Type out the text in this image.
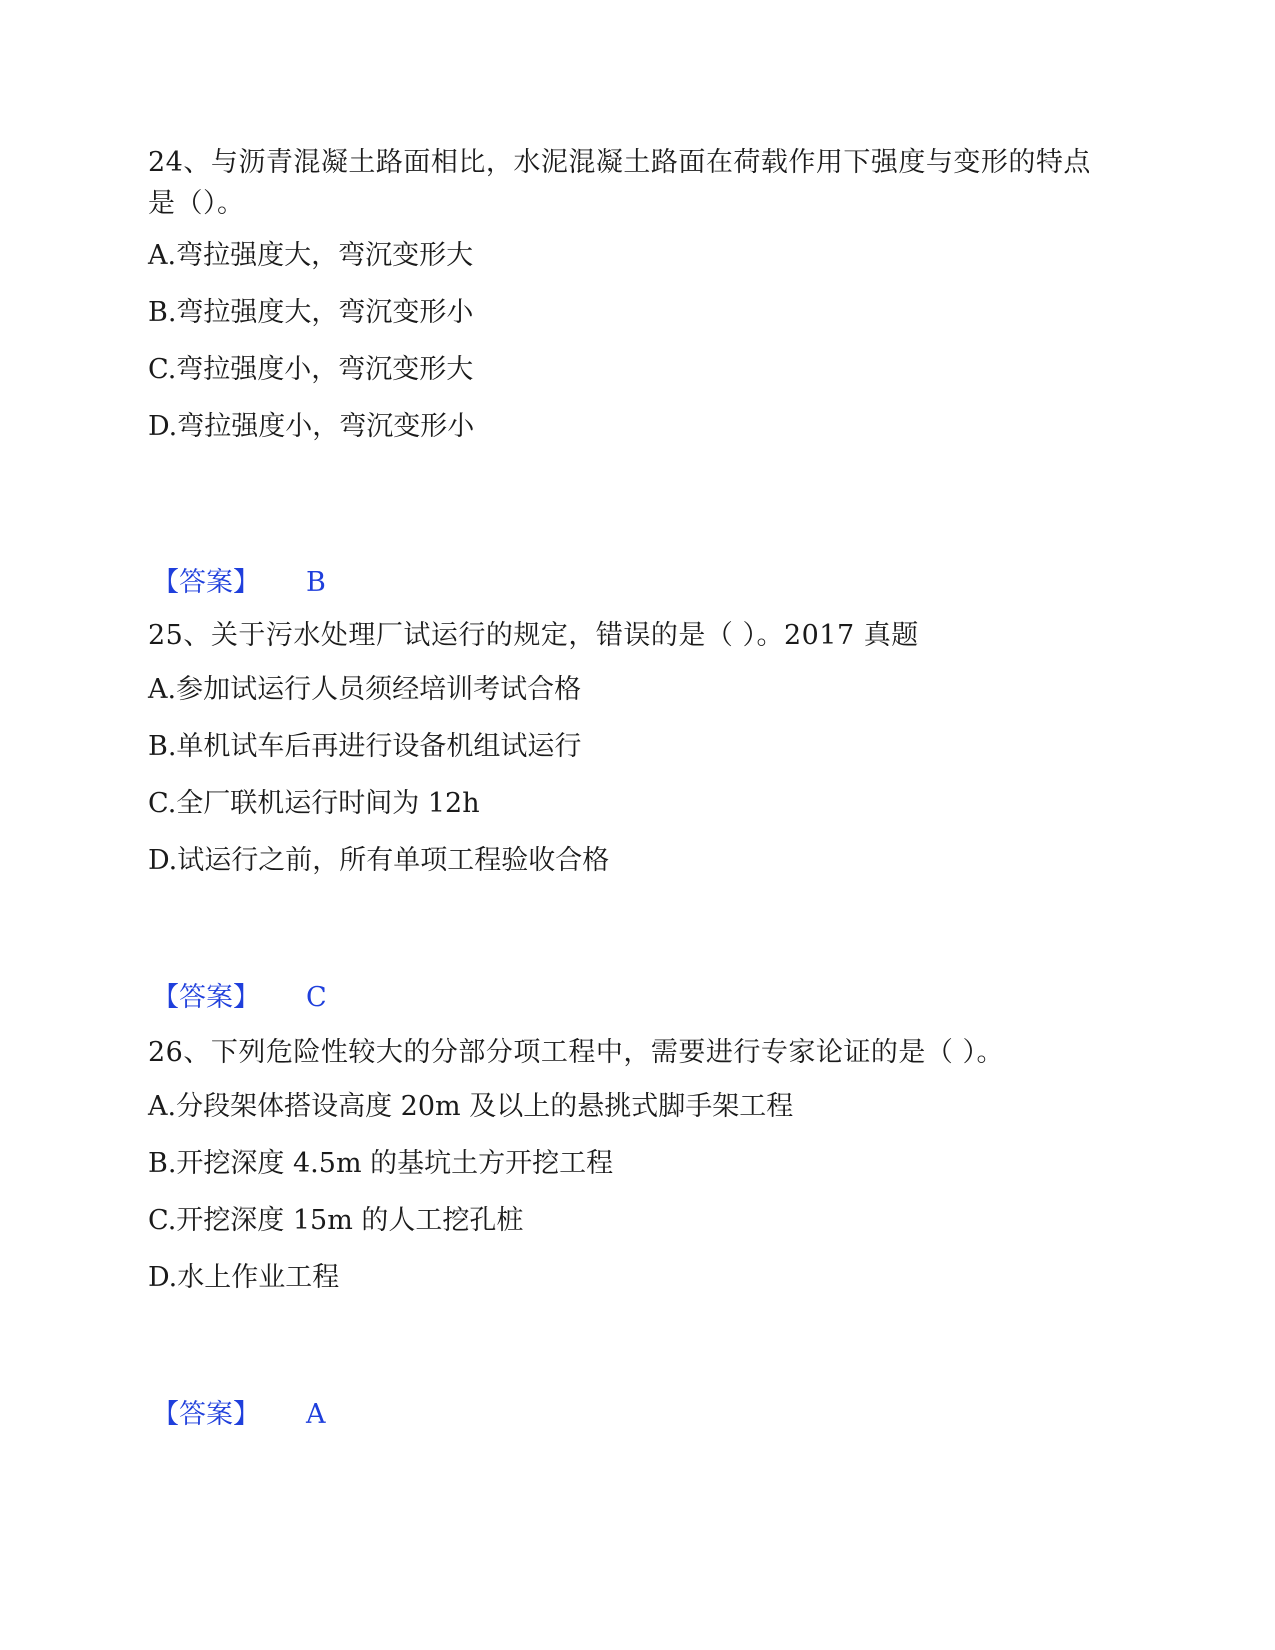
24、与沥青混凝土路面相比，水泥混凝土路面在荷载作用下强度与变形的特点是（）。

A.弯拉强度大，弯沉变形大

B.弯拉强度大，弯沉变形小

C.弯拉强度小，弯沉变形大

D.弯拉强度小，弯沉变形小

【答案】 B

25、关于污水处理厂试运行的规定，错误的是（ ）。2017 真题

A.参加试运行人员须经培训考试合格

B.单机试车后再进行设备机组试运行

C.全厂联机运行时间为 12h

D.试运行之前，所有单项工程验收合格

【答案】 C

26、下列危险性较大的分部分项工程中，需要进行专家论证的是（ ）。

A.分段架体搭设高度 20m 及以上的悬挑式脚手架工程

B.开挖深度 4.5m 的基坑土方开挖工程

C.开挖深度 15m 的人工挖孔桩

D.水上作业工程

【答案】 A
